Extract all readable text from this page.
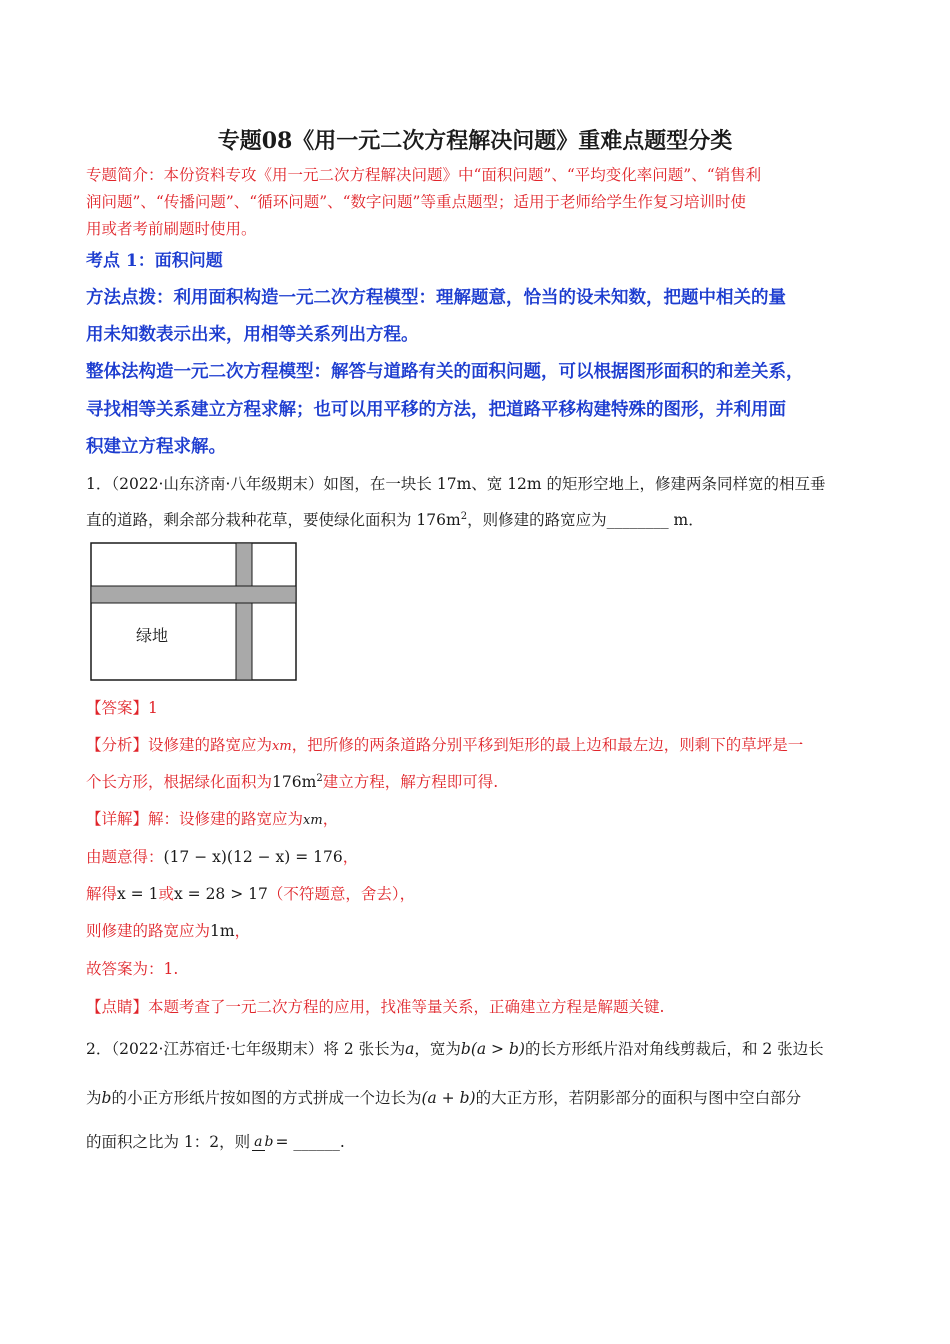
专题08《用一元二次方程解决问题》重难点题型分类
专题简介：本份资料专攻《用一元二次方程解决问题》中“面积问题”、“平均变化率问题”、“销售利
润问题”、“传播问题”、“循环问题”、“数字问题”等重点题型；适用于老师给学生作复习培训时使
用或者考前刷题时使用。
考点 1：面积问题
方法点拨：利用面积构造一元二次方程模型：理解题意，恰当的设未知数，把题中相关的量
用未知数表示出来，用相等关系列出方程。
整体法构造一元二次方程模型：解答与道路有关的面积问题，可以根据图形面积的和差关系，
寻找相等关系建立方程求解；也可以用平移的方法，把道路平移构建特殊的图形，并利用面
积建立方程求解。
1．（2022·山东济南·八年级期末）如图，在一块长 17m、宽 12m 的矩形空地上，修建两条同样宽的相互垂
直的道路，剩余部分栽种花草，要使绿化面积为 $176m^2$，则修建的路宽应为________ m．
绿地
【答案】1
【分析】设修建的路宽应为xm，把所修的两条道路分别平移到矩形的最上边和最左边，则剩下的草坪是一
个长方形，根据绿化面积为$176m^2$建立方程，解方程即可得.
【详解】解：设修建的路宽应为xm，
由题意得：(17 − x)(12 − x) = 176，
解得x = 1或x = 28 > 17（不符题意，舍去），
则修建的路宽应为1m，
故答案为：1.
【点睛】本题考查了一元二次方程的应用，找准等量关系，正确建立方程是解题关键.
2．（2022·江苏宿迁·七年级期末）将 2 张长为a，宽为b(a > b)的长方形纸片沿对角线剪裁后，和 2 张边长
为b的小正方形纸片按如图的方式拼成一个边长为(a + b)的大正方形，若阴影部分的面积与图中空白部分
的面积之比为 1：2，则 a b = ______.
